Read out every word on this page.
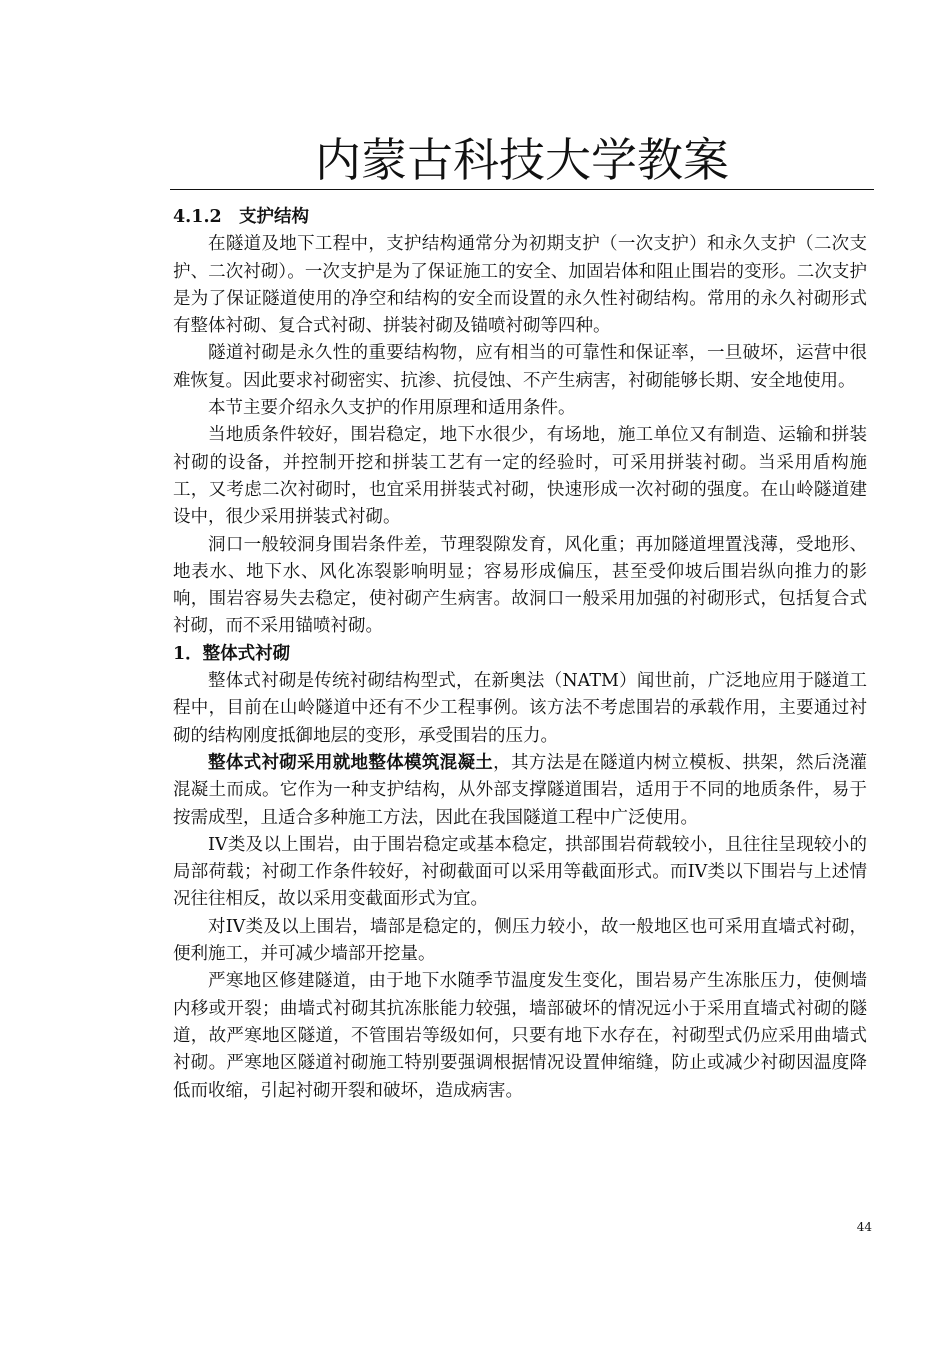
内蒙古科技大学教案
4.1.2 支护结构

在隧道及地下工程中，支护结构通常分为初期支护（一次支护）和永久支护（二次支护、二次衬砌）。一次支护是为了保证施工的安全、加固岩体和阻止围岩的变形。二次支护是为了保证隧道使用的净空和结构的安全而设置的永久性衬砌结构。常用的永久衬砌形式有整体衬砌、复合式衬砌、拼装衬砌及锚喷衬砌等四种。

隧道衬砌是永久性的重要结构物，应有相当的可靠性和保证率，一旦破坏，运营中很难恢复。因此要求衬砌密实、抗渗、抗侵蚀、不产生病害，衬砌能够长期、安全地使用。

本节主要介绍永久支护的作用原理和适用条件。

当地质条件较好，围岩稳定，地下水很少，有场地，施工单位又有制造、运输和拼装衬砌的设备，并控制开挖和拼装工艺有一定的经验时，可采用拼装衬砌。当采用盾构施工，又考虑二次衬砌时，也宜采用拼装式衬砌，快速形成一次衬砌的强度。在山岭隧道建设中，很少采用拼装式衬砌。

洞口一般较洞身围岩条件差，节理裂隙发育，风化重；再加隧道埋置浅薄，受地形、地表水、地下水、风化冻裂影响明显；容易形成偏压，甚至受仰坡后围岩纵向推力的影响，围岩容易失去稳定，使衬砌产生病害。故洞口一般采用加强的衬砌形式，包括复合式衬砌，而不采用锚喷衬砌。

1．整体式衬砌

整体式衬砌是传统衬砌结构型式，在新奥法（NATM）闻世前，广泛地应用于隧道工程中，目前在山岭隧道中还有不少工程事例。该方法不考虑围岩的承载作用，主要通过衬砌的结构刚度抵御地层的变形，承受围岩的压力。

整体式衬砌采用就地整体模筑混凝土，其方法是在隧道内树立模板、拱架，然后浇灌混凝土而成。它作为一种支护结构，从外部支撑隧道围岩，适用于不同的地质条件，易于按需成型，且适合多种施工方法，因此在我国隧道工程中广泛使用。

IV类及以上围岩，由于围岩稳定或基本稳定，拱部围岩荷载较小，且往往呈现较小的局部荷载；衬砌工作条件较好，衬砌截面可以采用等截面形式。而IV类以下围岩与上述情况往往相反，故以采用变截面形式为宜。

对IV类及以上围岩，墙部是稳定的，侧压力较小，故一般地区也可采用直墙式衬砌，便利施工，并可减少墙部开挖量。

严寒地区修建隧道，由于地下水随季节温度发生变化，围岩易产生冻胀压力，使侧墙内移或开裂；曲墙式衬砌其抗冻胀能力较强，墙部破坏的情况远小于采用直墙式衬砌的隧道，故严寒地区隧道，不管围岩等级如何，只要有地下水存在，衬砌型式仍应采用曲墙式衬砌。严寒地区隧道衬砌施工特别要强调根据情况设置伸缩缝，防止或减少衬砌因温度降低而收缩，引起衬砌开裂和破坏，造成病害。

44
